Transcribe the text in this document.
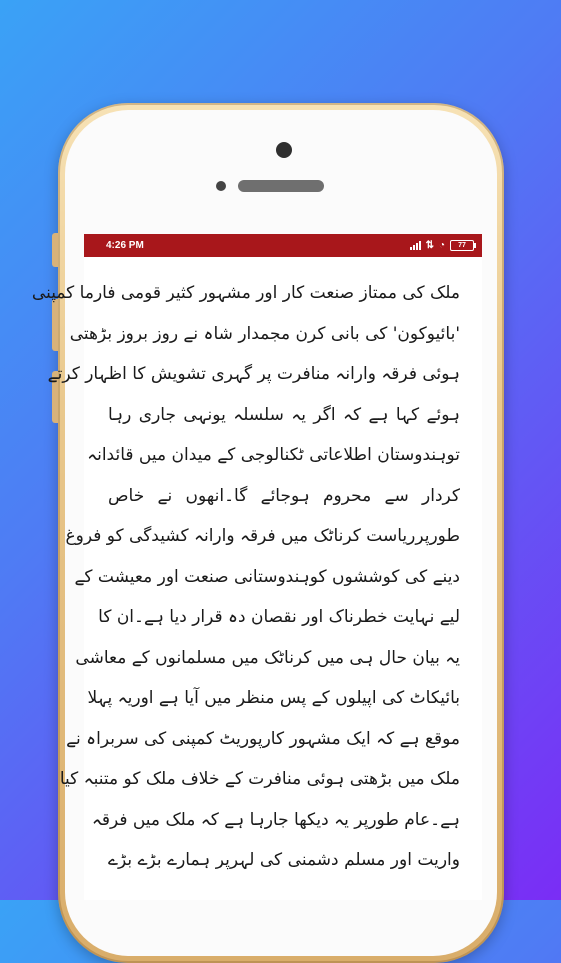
4:26 PM	⇅ ◔	77
ملک کی ممتاز صنعت کار اور مشہور کثیر قومی فارما کمپنی
'بائیوکون' کی بانی کرن مجمدار شاہ نے روز بروز بڑھتی
ہوئی فرقہ وارانہ منافرت پر گہری تشویش کا اظہار کرتے
ہوئے کہا ہے کہ اگر یہ سلسلہ یونہی جاری رہا
توہندوستان اطلاعاتی ٹکنالوجی کے میدان میں قائدانہ
کردار سے محروم ہوجائے گا۔انھوں نے خاص
طورپرریاست کرناٹک میں فرقہ وارانہ کشیدگی کو فروغ
دینے کی کوششوں کوہندوستانی صنعت اور معیشت کے
لیے نہایت خطرناک اور نقصان دہ قرار دیا ہے۔ان کا
یہ بیان حال ہی میں کرناٹک میں مسلمانوں کے معاشی
بائیکاٹ کی اپیلوں کے پس منظر میں آیا ہے اوریہ پہلا
موقع ہے کہ ایک مشہور کارپوریٹ کمپنی کی سربراہ نے
ملک میں بڑھتی ہوئی منافرت کے خلاف ملک کو متنبہ کیا
ہے۔عام طورپر یہ دیکھا جارہا ہے کہ ملک میں فرقہ
واریت اور مسلم دشمنی کی لہرپر ہمارے بڑے بڑے
